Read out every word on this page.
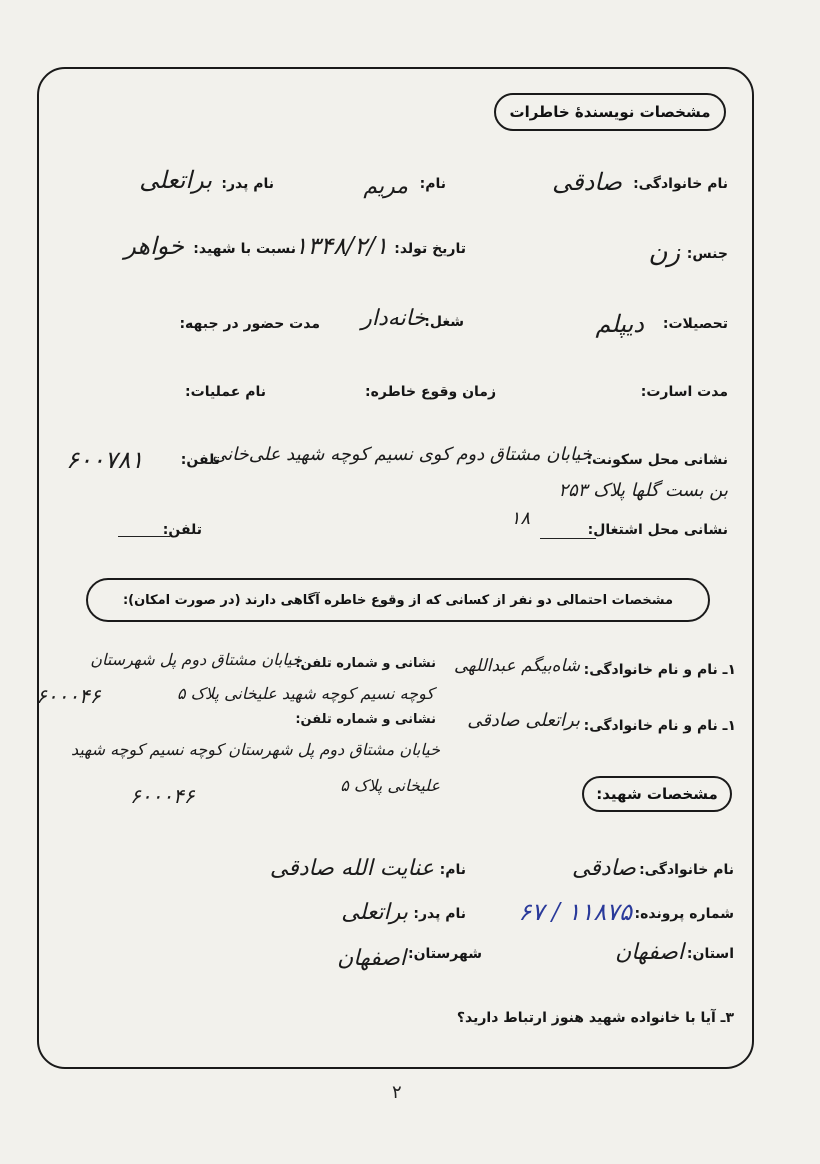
مشخصات نویسندهٔ خاطرات
نام خانوادگی:
صادقی
نام:
مریم
نام پدر:
براتعلی
جنس:
زن
تاریخ تولد:
۱۳۴۸/۲/۱
نسبت با شهید:
خواهر
تحصیلات:
دیپلم
شغل:
خانه‌دار
مدت حضور در جبهه:
مدت اسارت:
زمان وقوع خاطره:
نام عملیات:
نشانی محل سکونت:
خیابان مشتاق دوم کوی نسیم کوچه شهید علی‌خانی
تلفن:
۶۰۰۷۸۱
بن بست گلها پلاک ۲۵۳
۱۸
نشانی محل اشتغال:
تلفن:
مشخصات احتمالی دو نفر از کسانی که از وقوع خاطره آگاهی دارند (در صورت امکان):
۱ـ نام و نام خانوادگی:
شاه‌بیگم عبداللهی
نشانی و شماره تلفن:
خیابان مشتاق دوم پل شهرستان
کوچه نسیم کوچه شهید علیخانی پلاک ۵
۶۰۰۰۴۶
۱ـ نام و نام خانوادگی:
براتعلی صادقی
نشانی و شماره تلفن:
خیابان مشتاق دوم پل شهرستان کوچه نسیم کوچه شهید
علیخانی پلاک ۵
۶۰۰۰۴۶	مشخصات شهید:
نام خانوادگی:
صادقی
نام:
عنایت الله صادقی
شماره پرونده:
۱۱۸۷۵ / ۶۷
نام پدر:
براتعلی
استان:
اصفهان
شهرستان:
اصفهان
۳ـ آیا با خانواده شهید هنوز ارتباط دارید؟
۲
